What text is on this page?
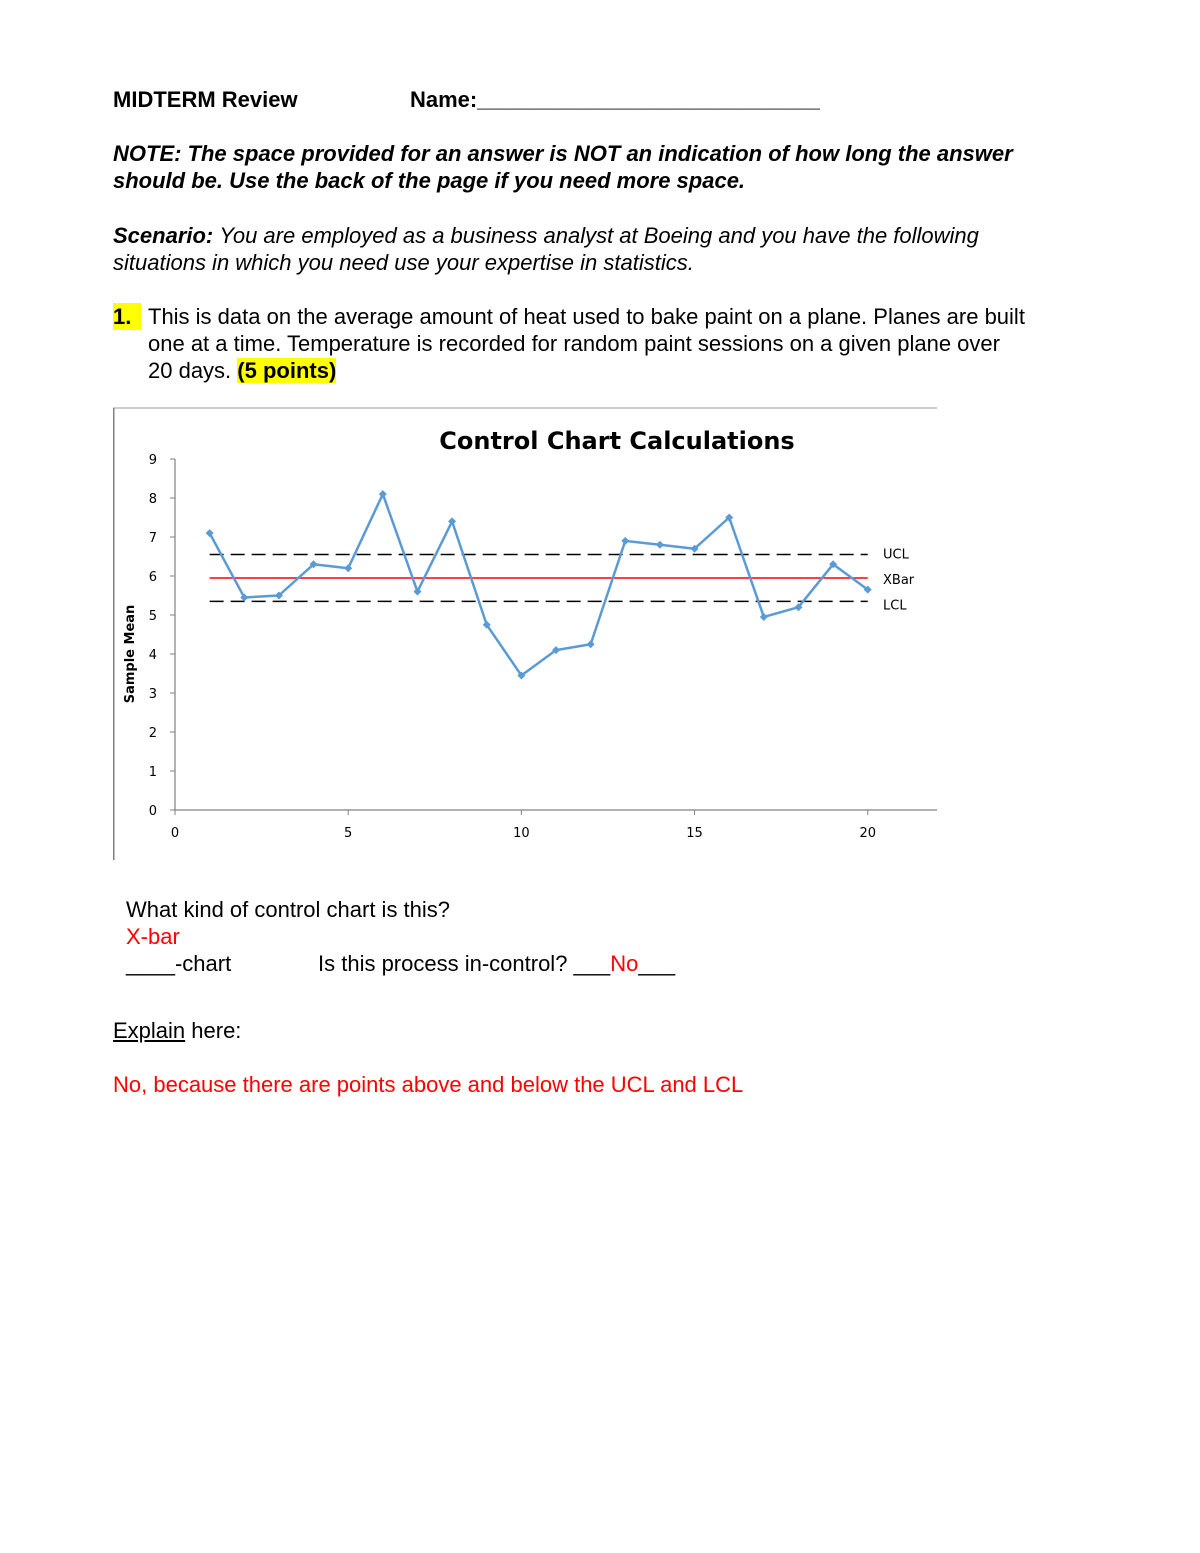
MIDTERM Review	Name:____________________________
NOTE: The space provided for an answer is NOT an indication of how long the answer
should be. Use the back of the page if you need more space.
Scenario: You are employed as a business analyst at Boeing and you have the following
situations in which you need use your expertise in statistics.
1. This is data on the average amount of heat used to bake paint on a plane. Planes are built
one at a time. Temperature is recorded for random paint sessions on a given plane over
20 days. (5 points)
Control Chart Calculations
Sample Mean
0
1
2
3
4
5
6
7
8
9
0	5	10	15	20
UCL
XBar
LCL
What kind of control chart is this?
X-bar
____-chart	Is this process in-control? ___No___
Explain here:
No, because there are points above and below the UCL and LCL
